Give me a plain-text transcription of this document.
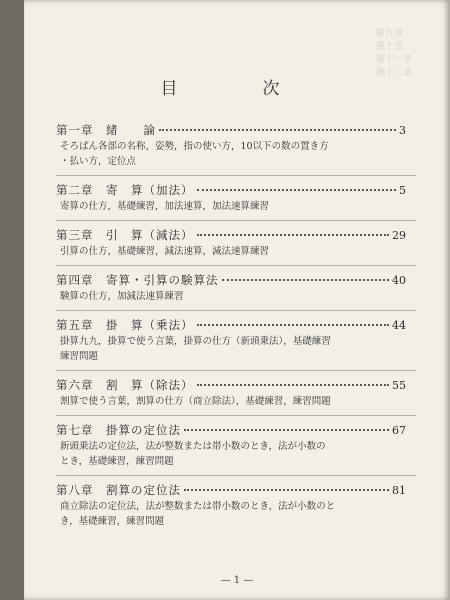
第九章
第十章
第十一章
第十二章
目　次
第一章　緒　　論	3
そろばん各部の名称，姿勢，指の使い方，10以下の数の置き方
・払い方，定位点
第二章　寄　算（加法）	5
寄算の仕方，基礎練習，加法速算，加法速算練習
第三章　引　算（減法）	29
引算の仕方，基礎練習，減法速算，減法速算練習
第四章　寄算・引算の験算法	40
験算の仕方，加減法速算練習
第五章　掛　算（乗法）	44
掛算九九，掛算で使う言葉，掛算の仕方（新頭乗法），基礎練習
練習問題
第六章　割　算（除法）	55
割算で使う言葉，割算の仕方（商立除法），基礎練習，練習問題
第七章　掛算の定位法	67
新頭乗法の定位法，法が整数または帯小数のとき，法が小数の
とき，基礎練習，練習問題
第八章　割算の定位法	81
商立除法の定位法，法が整数または帯小数のとき，法が小数のと
き，基礎練習，練習問題
— 1 —
